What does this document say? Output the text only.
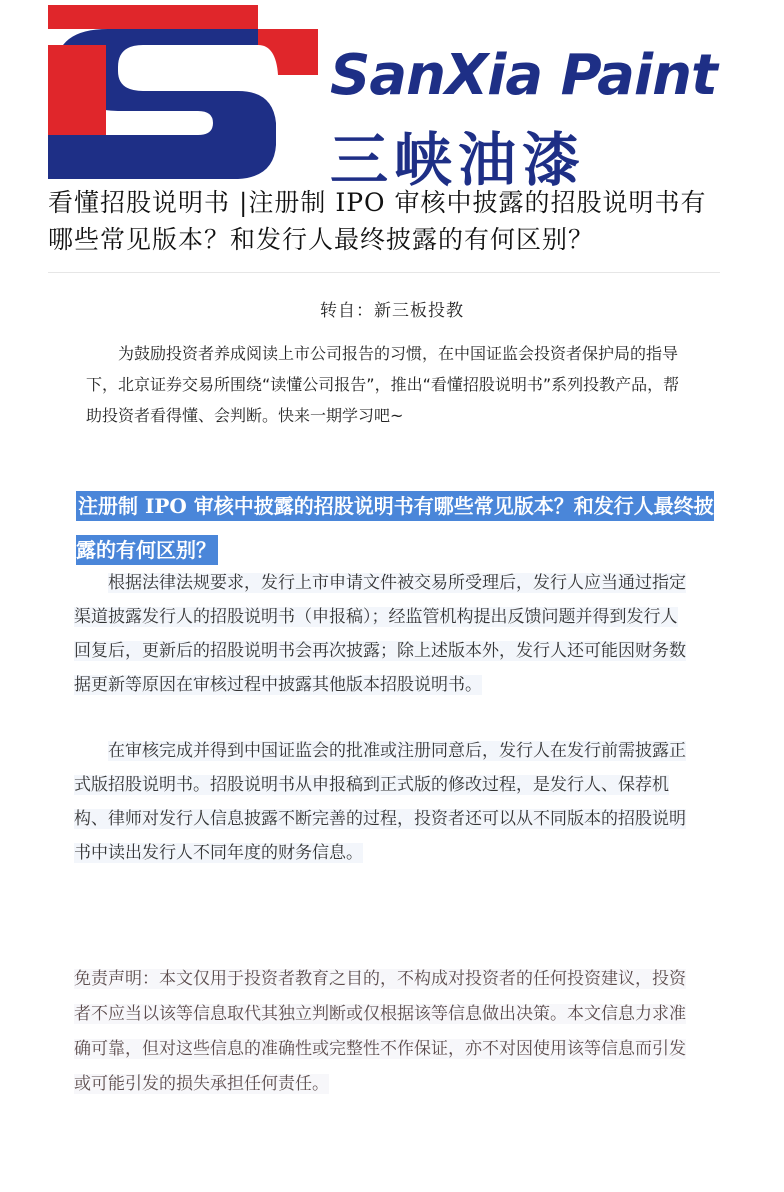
SanXia Paint
三峡油漆
看懂招股说明书 |注册制 IPO 审核中披露的招股说明书有哪些常见版本？和发行人最终披露的有何区别？
转自：新三板投教

为鼓励投资者养成阅读上市公司报告的习惯，在中国证监会投资者保护局的指导下，北京证券交易所围绕“读懂公司报告”，推出“看懂招股说明书”系列投教产品，帮助投资者看得懂、会判断。快来一期学习吧~

注册制 IPO 审核中披露的招股说明书有哪些常见版本？和发行人最终披露的有何区别？

根据法律法规要求，发行上市申请文件被交易所受理后，发行人应当通过指定渠道披露发行人的招股说明书（申报稿）；经监管机构提出反馈问题并得到发行人回复后，更新后的招股说明书会再次披露；除上述版本外，发行人还可能因财务数据更新等原因在审核过程中披露其他版本招股说明书。

在审核完成并得到中国证监会的批准或注册同意后，发行人在发行前需披露正式版招股说明书。招股说明书从申报稿到正式版的修改过程，是发行人、保荐机构、律师对发行人信息披露不断完善的过程，投资者还可以从不同版本的招股说明书中读出发行人不同年度的财务信息。

免责声明：本文仅用于投资者教育之目的，不构成对投资者的任何投资建议，投资者不应当以该等信息取代其独立判断或仅根据该等信息做出决策。本文信息力求准确可靠，但对这些信息的准确性或完整性不作保证，亦不对因使用该等信息而引发或可能引发的损失承担任何责任。
